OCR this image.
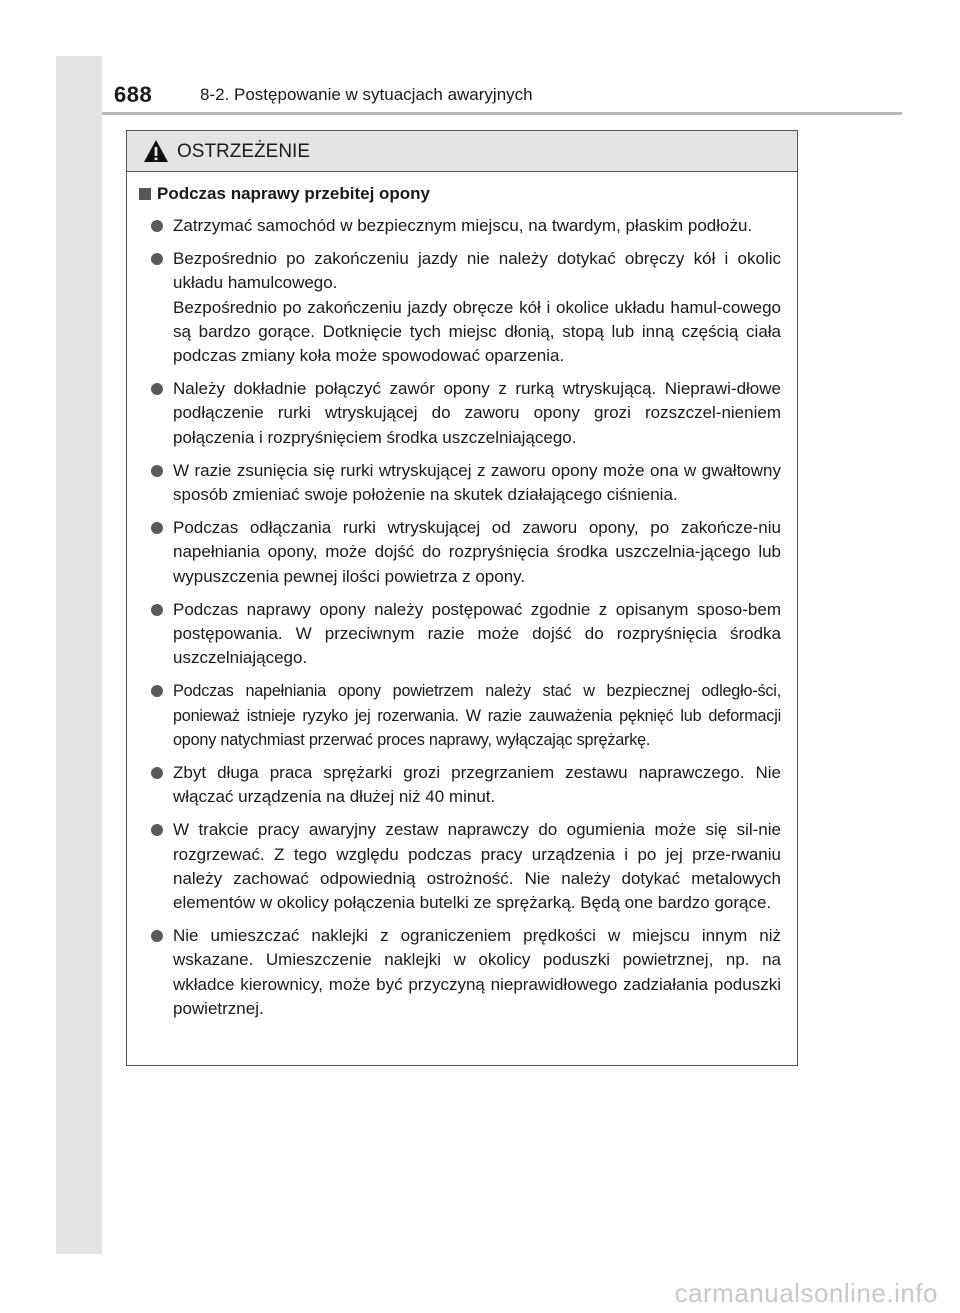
688	8-2. Postępowanie w sytuacjach awaryjnych
OSTRZEŻENIE
Podczas naprawy przebitej opony
Zatrzymać samochód w bezpiecznym miejscu, na twardym, płaskim podłożu.
Bezpośrednio po zakończeniu jazdy nie należy dotykać obręczy kół i okolic układu hamulcowego.
Bezpośrednio po zakończeniu jazdy obręcze kół i okolice układu hamul-cowego są bardzo gorące. Dotknięcie tych miejsc dłonią, stopą lub inną częścią ciała podczas zmiany koła może spowodować oparzenia.
Należy dokładnie połączyć zawór opony z rurką wtryskującą. Nieprawi-dłowe podłączenie rurki wtryskującej do zaworu opony grozi rozszczel-nieniem połączenia i rozpryśnięciem środka uszczelniającego.
W razie zsunięcia się rurki wtryskującej z zaworu opony może ona w gwałtowny sposób zmieniać swoje położenie na skutek działającego ciśnienia.
Podczas odłączania rurki wtryskującej od zaworu opony, po zakończe-niu napełniania opony, może dojść do rozpryśnięcia środka uszczelnia-jącego lub wypuszczenia pewnej ilości powietrza z opony.
Podczas naprawy opony należy postępować zgodnie z opisanym sposo-bem postępowania. W przeciwnym razie może dojść do rozpryśnięcia środka uszczelniającego.
Podczas napełniania opony powietrzem należy stać w bezpiecznej odległo-ści, ponieważ istnieje ryzyko jej rozerwania. W razie zauważenia pęknięć lub deformacji opony natychmiast przerwać proces naprawy, wyłączając sprężarkę.
Zbyt długa praca sprężarki grozi przegrzaniem zestawu naprawczego. Nie włączać urządzenia na dłużej niż 40 minut.
W trakcie pracy awaryjny zestaw naprawczy do ogumienia może się sil-nie rozgrzewać. Z tego względu podczas pracy urządzenia i po jej prze-rwaniu należy zachować odpowiednią ostrożność. Nie należy dotykać metalowych elementów w okolicy połączenia butelki ze sprężarką. Będą one bardzo gorące.
Nie umieszczać naklejki z ograniczeniem prędkości w miejscu innym niż wskazane. Umieszczenie naklejki w okolicy poduszki powietrznej, np. na wkładce kierownicy, może być przyczyną nieprawidłowego zadziałania poduszki powietrznej.
carmanualsonline.info
